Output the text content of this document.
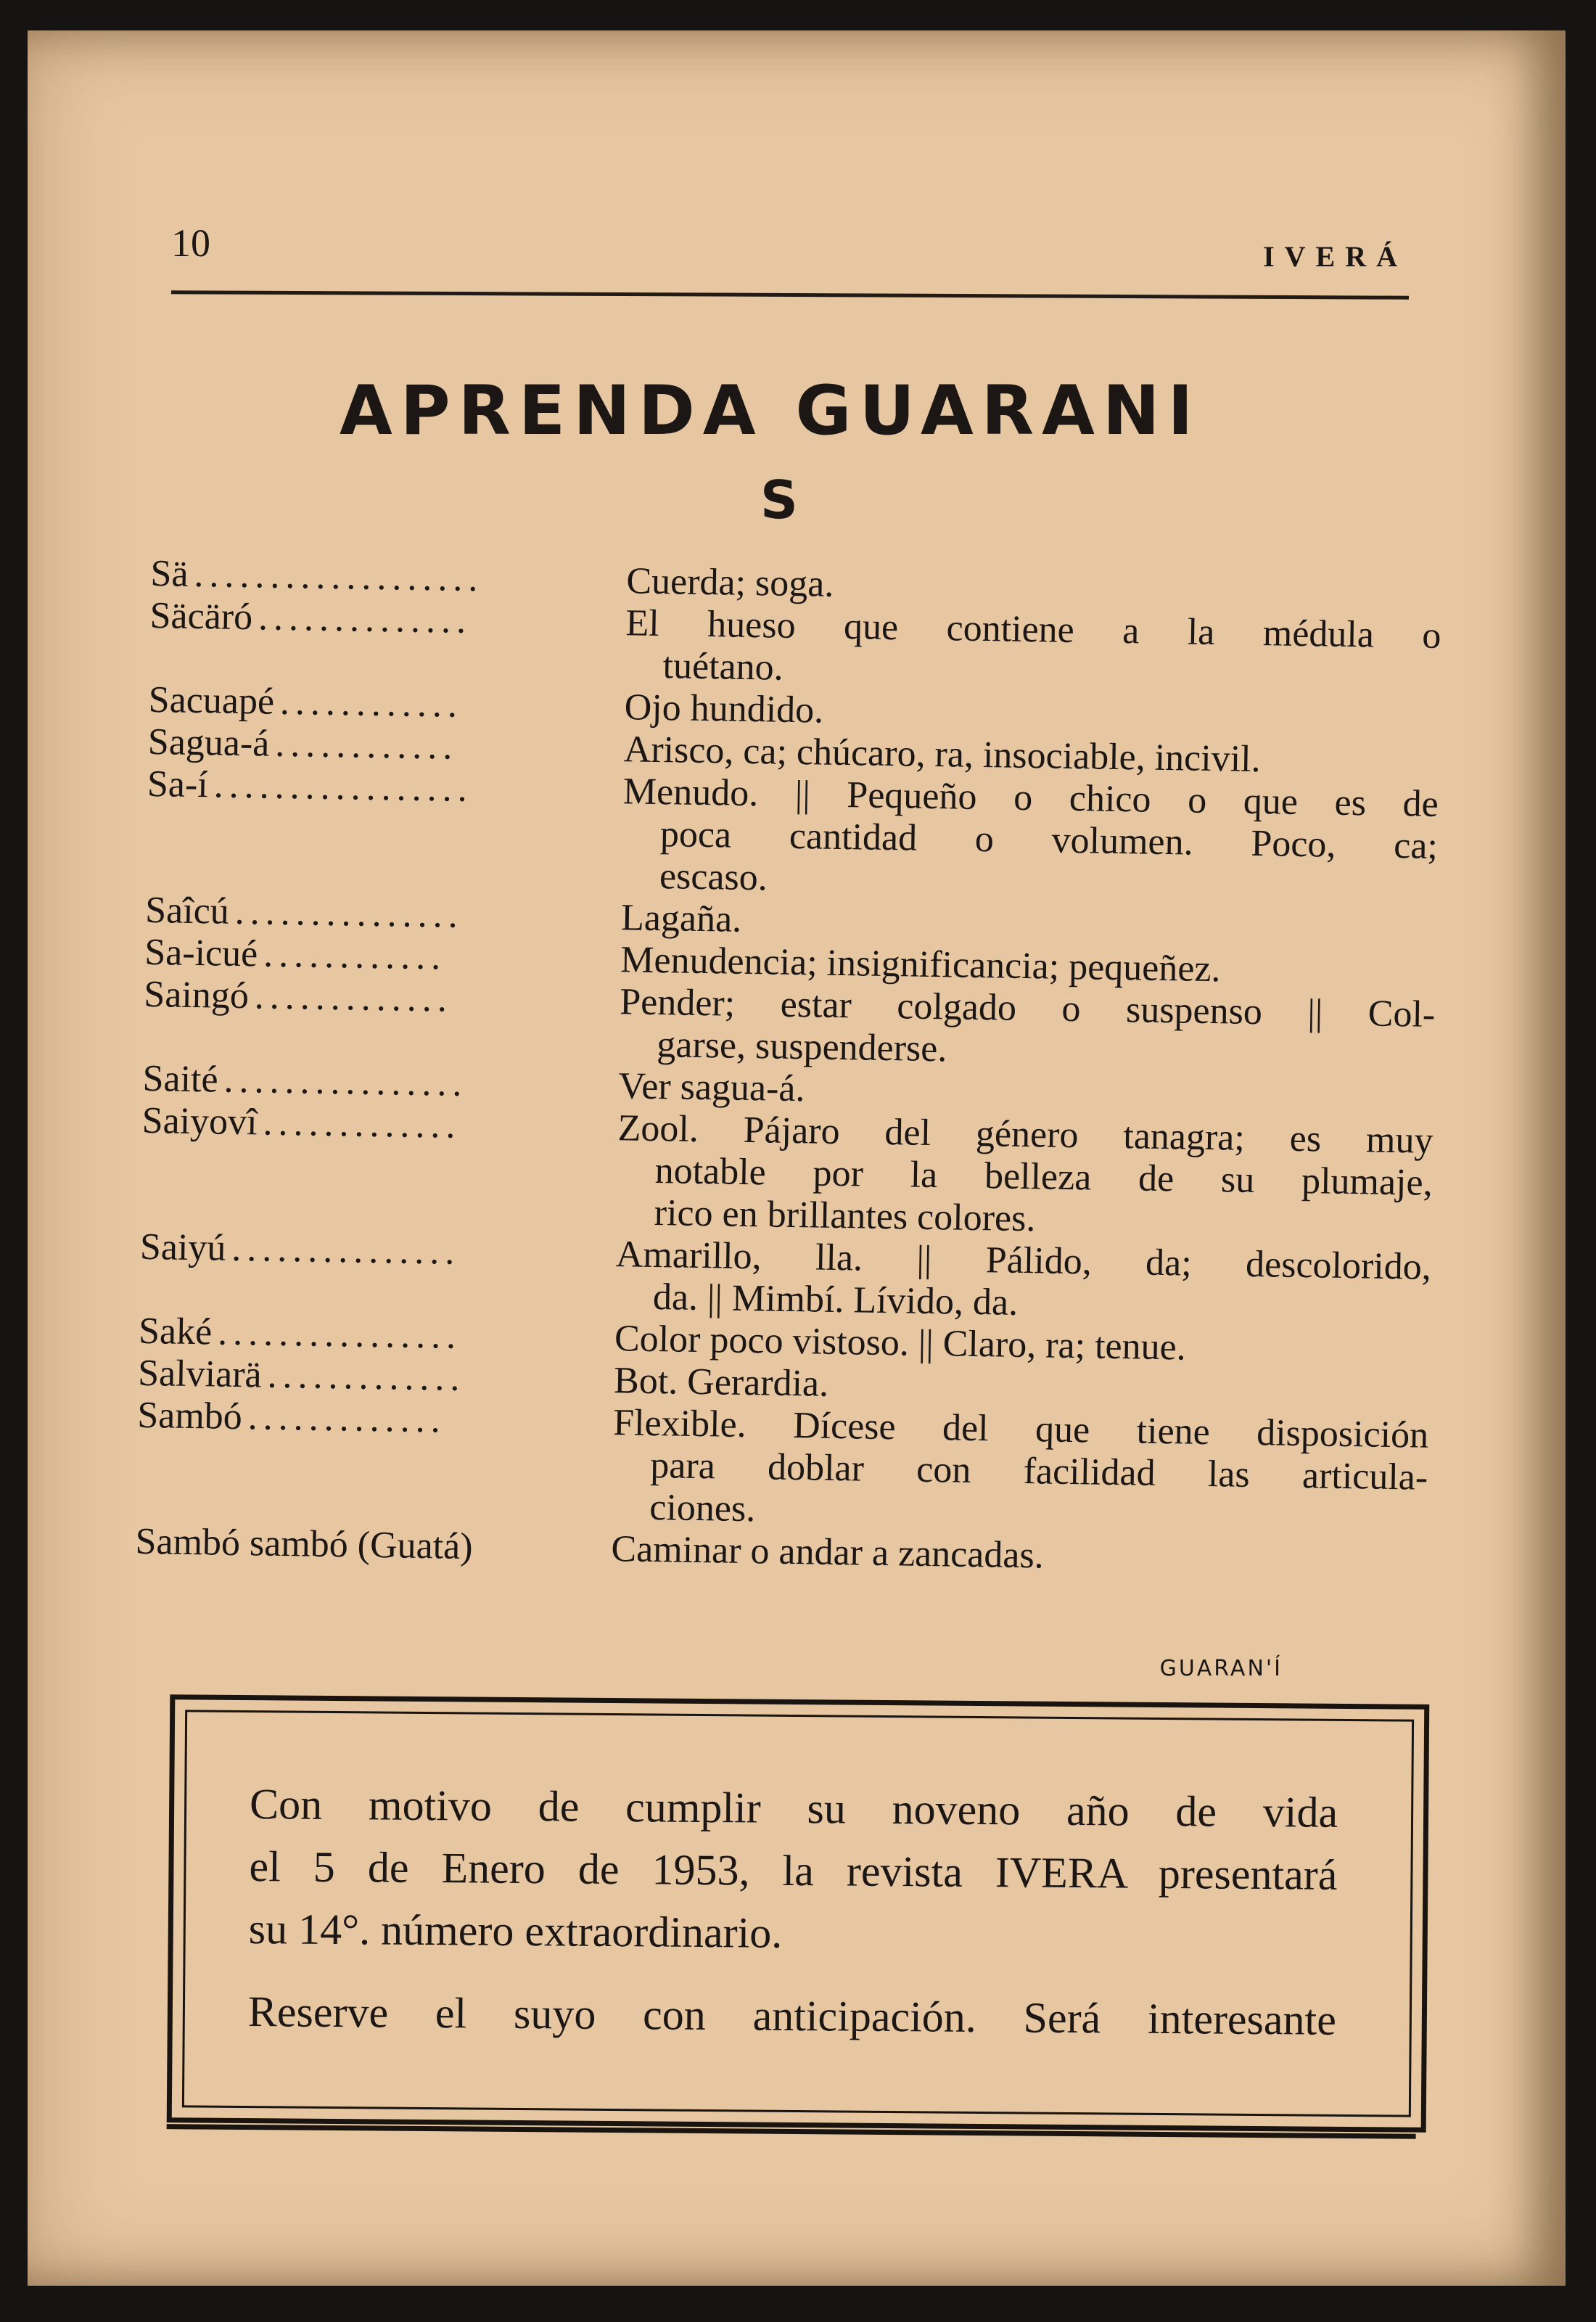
10	IVERÁ
APRENDA GUARANI
S
Sä ...................	Cuerda; soga.
Säcäró ..............	El hueso que contiene a la médula o
tuétano.
Sacuapé ............	Ojo hundido.
Sagua-á ............	Arisco, ca; chúcaro, ra, insociable, incivil.
Sa-í .................	Menudo. || Pequeño o chico o que es de
poca cantidad o volumen. Poco, ca;
escaso.
Saîcú ...............	Lagaña.
Sa-icué ............	Menudencia; insignificancia; pequeñez.
Saingó .............	Pender; estar colgado o suspenso || Col-
garse, suspenderse.
Saité ................	Ver sagua-á.
Saiyovî .............	Zool. Pájaro del género tanagra; es muy
notable por la belleza de su plumaje,
rico en brillantes colores.
Saiyú ...............	Amarillo, lla. || Pálido, da; descolorido,
da. || Mimbí. Lívido, da.
Saké ................	Color poco vistoso. || Claro, ra; tenue.
Salviarä .............	Bot. Gerardia.
Sambó .............	Flexible. Dícese del que tiene disposición
para doblar con facilidad las articula-
ciones.
Sambó sambó (Guatá)	Caminar o andar a zancadas.
GUARAN'Í
Con motivo de cumplir su noveno año de vida
el 5 de Enero de 1953, la revista IVERA presentará
su 14°. número extraordinario.
Reserve el suyo con anticipación. Será interesante
